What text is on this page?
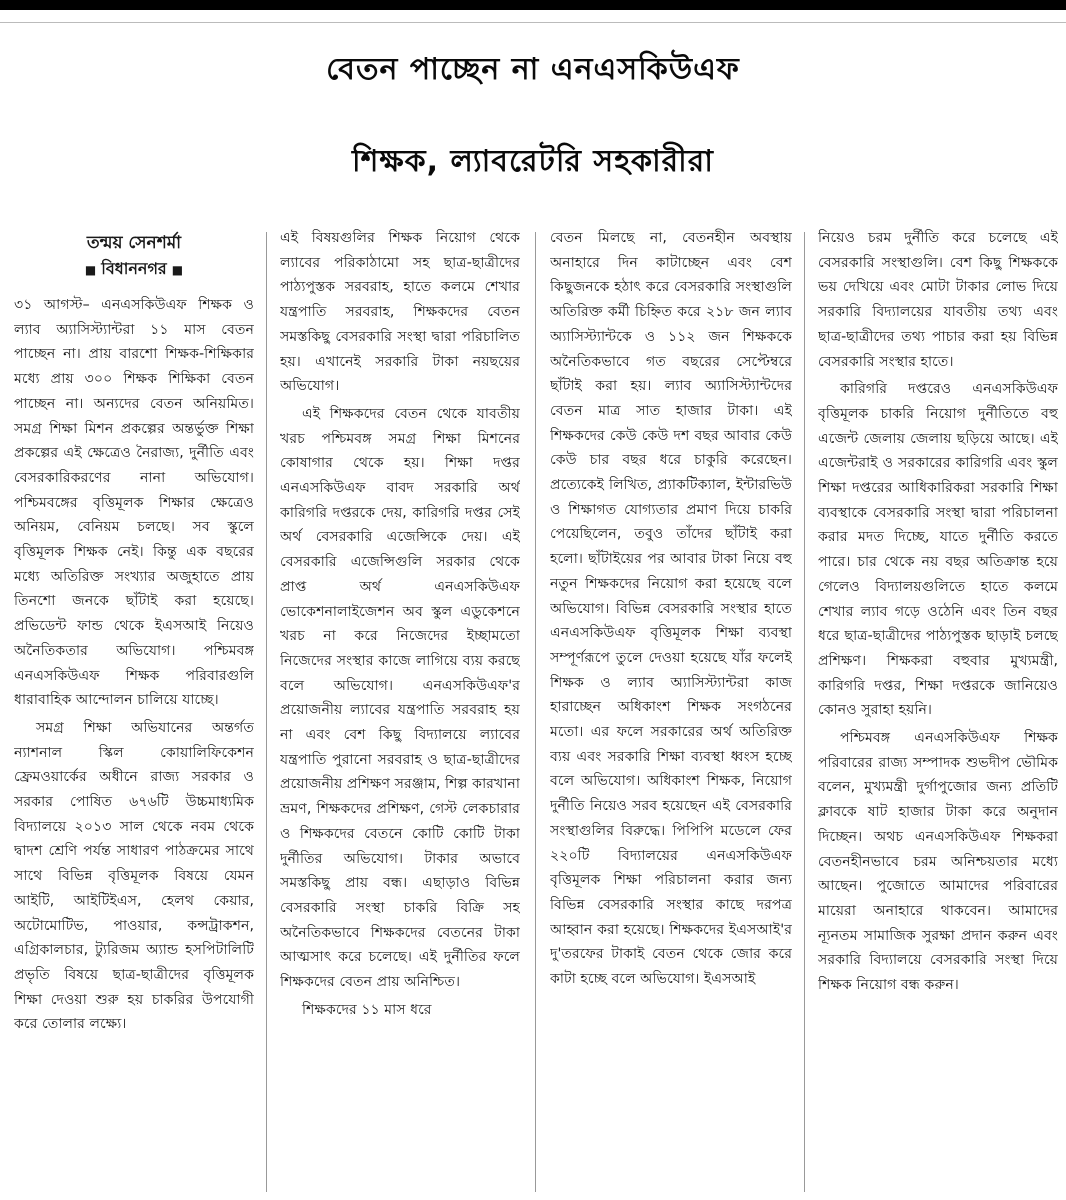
বেতন পাচ্ছেন না এনএসকিউএফ
শিক্ষক, ল্যাবরেটরি সহকারীরা
তন্ময় সেনশর্মা
■ বিধাননগর ■

৩১ আগস্ট– এনএসকিউএফ শিক্ষক ও ল্যাব অ্যাসিস্ট্যান্টরা ১১ মাস বেতন পাচ্ছেন না। প্রায় বারশো শিক্ষক-শিক্ষিকার মধ্যে প্রায় ৩০০ শিক্ষক শিক্ষিকা বেতন পাচ্ছেন না। অন্যদের বেতন অনিয়মিত। সমগ্র শিক্ষা মিশন প্রকল্পের অন্তর্ভুক্ত শিক্ষা প্রকল্পের এই ক্ষেত্রেও নৈরাজ্য, দুর্নীতি এবং বেসরকারিকরণের নানা অভিযোগ। পশ্চিমবঙ্গের বৃত্তিমূলক শিক্ষার ক্ষেত্রেও অনিয়ম, বেনিয়ম চলছে। সব স্কুলে বৃত্তিমূলক শিক্ষক নেই। কিন্তু এক বছরের মধ্যে অতিরিক্ত সংখ্যার অজুহাতে প্রায় তিনশো জনকে ছাঁটাই করা হয়েছে। প্রভিডেন্ট ফান্ড থেকে ইএসআই নিয়েও অনৈতিকতার অভিযোগ। পশ্চিমবঙ্গ এনএসকিউএফ শিক্ষক পরিবারগুলি ধারাবাহিক আন্দোলন চালিয়ে যাচ্ছে।

সমগ্র শিক্ষা অভিযানের অন্তর্গত ন্যাশনাল স্কিল কোয়ালিফিকেশন ফ্রেমওয়ার্কের অধীনে রাজ্য সরকার ও সরকার পোষিত ৬৭৬টি উচ্চমাধ্যমিক বিদ্যালয়ে ২০১৩ সাল থেকে নবম থেকে দ্বাদশ শ্রেণি পর্যন্ত সাধারণ পাঠক্রমের সাথে সাথে বিভিন্ন বৃত্তিমূলক বিষয়ে যেমন আইটি, আইটিইএস, হেলথ কেয়ার, অটোমোটিভ, পাওয়ার, কন্সট্রাকশন, এগ্রিকালচার, ট্যুরিজম অ্যান্ড হসপিটালিটি প্রভৃতি বিষয়ে ছাত্র-ছাত্রীদের বৃত্তিমূলক শিক্ষা দেওয়া শুরু হয় চাকরির উপযোগী করে তোলার লক্ষ্যে।

এই বিষয়গুলির শিক্ষক নিয়োগ থেকে ল্যাবের পরিকাঠামো সহ ছাত্র-ছাত্রীদের পাঠ্যপুস্তক সরবরাহ, হাতে কলমে শেখার যন্ত্রপাতি সরবরাহ, শিক্ষকদের বেতন সমস্তকিছু বেসরকারি সংস্থা দ্বারা পরিচালিত হয়। এখানেই সরকারি টাকা নয়ছয়ের অভিযোগ।

এই শিক্ষকদের বেতন থেকে যাবতীয় খরচ পশ্চিমবঙ্গ সমগ্র শিক্ষা মিশনের কোষাগার থেকে হয়। শিক্ষা দপ্তর এনএসকিউএফ বাবদ সরকারি অর্থ কারিগরি দপ্তরকে দেয়, কারিগরি দপ্তর সেই অর্থ বেসরকারি এজেন্সিকে দেয়। এই বেসরকারি এজেন্সিগুলি সরকার থেকে প্রাপ্ত অর্থ এনএসকিউএফ ভোকেশনালাইজেশন অব স্কুল এডুকেশনে খরচ না করে নিজেদের ইচ্ছামতো নিজেদের সংস্থার কাজে লাগিয়ে ব্যয় করছে বলে অভিযোগ। এনএসকিউএফ'র প্রয়োজনীয় ল্যাবের যন্ত্রপাতি সরবরাহ হয় না এবং বেশ কিছু বিদ্যালয়ে ল্যাবের যন্ত্রপাতি পুরানো সরবরাহ ও ছাত্র-ছাত্রীদের প্রয়োজনীয় প্রশিক্ষণ সরঞ্জাম, শিল্প কারখানা ভ্রমণ, শিক্ষকদের প্রশিক্ষণ, গেস্ট লেকচারার ও শিক্ষকদের বেতনে কোটি কোটি টাকা দুর্নীতির অভিযোগ। টাকার অভাবে সমস্তকিছু প্রায় বন্ধ। এছাড়াও বিভিন্ন বেসরকারি সংস্থা চাকরি বিক্রি সহ অনৈতিকভাবে শিক্ষকদের বেতনের টাকা আত্মসাৎ করে চলেছে। এই দুর্নীতির ফলে শিক্ষকদের বেতন প্রায় অনিশ্চিত।

শিক্ষকদের ১১ মাস ধরে

বেতন মিলছে না, বেতনহীন অবস্থায় অনাহারে দিন কাটাচ্ছেন এবং বেশ কিছুজনকে হঠাৎ করে বেসরকারি সংস্থাগুলি অতিরিক্ত কর্মী চিহ্নিত করে ২১৮ জন ল্যাব অ্যাসিস্ট্যান্টকে ও ১১২ জন শিক্ষককে অনৈতিকভাবে গত বছরের সেপ্টেম্বরে ছাঁটাই করা হয়। ল্যাব অ্যাসিস্ট্যান্টদের বেতন মাত্র সাত হাজার টাকা। এই শিক্ষকদের কেউ কেউ দশ বছর আবার কেউ কেউ চার বছর ধরে চাকুরি করেছেন। প্রত্যেকেই লিখিত, প্র্যাকটিক্যাল, ইন্টারভিউ ও শিক্ষাগত যোগ্যতার প্রমাণ দিয়ে চাকরি পেয়েছিলেন, তবুও তাঁদের ছাঁটাই করা হলো। ছাঁটাইয়ের পর আবার টাকা নিয়ে বহু নতুন শিক্ষকদের নিয়োগ করা হয়েছে বলে অভিযোগ। বিভিন্ন বেসরকারি সংস্থার হাতে এনএসকিউএফ বৃত্তিমূলক শিক্ষা ব্যবস্থা সম্পূর্ণরূপে তুলে দেওয়া হয়েছে যাঁর ফলেই শিক্ষক ও ল্যাব অ্যাসিস্ট্যান্টরা কাজ হারাচ্ছেন অধিকাংশ শিক্ষক সংগঠনের মতো। এর ফলে সরকারের অর্থ অতিরিক্ত ব্যয় এবং সরকারি শিক্ষা ব্যবস্থা ধ্বংস হচ্ছে বলে অভিযোগ। অধিকাংশ শিক্ষক, নিয়োগ দুর্নীতি নিয়েও সরব হয়েছেন এই বেসরকারি সংস্থাগুলির বিরুদ্ধে। পিপিপি মডেলে ফের ২২০টি বিদ্যালয়ের এনএসকিউএফ বৃত্তিমূলক শিক্ষা পরিচালনা করার জন্য বিভিন্ন বেসরকারি সংস্থার কাছে দরপত্র আহ্বান করা হয়েছে। শিক্ষকদের ইএসআই'র দু'তরফের টাকাই বেতন থেকে জোর করে কাটা হচ্ছে বলে অভিযোগ। ইএসআই

নিয়েও চরম দুর্নীতি করে চলেছে এই বেসরকারি সংস্থাগুলি। বেশ কিছু শিক্ষককে ভয় দেখিয়ে এবং মোটা টাকার লোভ দিয়ে সরকারি বিদ্যালয়ের যাবতীয় তথ্য এবং ছাত্র-ছাত্রীদের তথ্য পাচার করা হয় বিভিন্ন বেসরকারি সংস্থার হাতে।

কারিগরি দপ্তরেও এনএসকিউএফ বৃত্তিমূলক চাকরি নিয়োগ দুর্নীতিতে বহু এজেন্ট জেলায় জেলায় ছড়িয়ে আছে। এই এজেন্টরাই ও সরকারের কারিগরি এবং স্কুল শিক্ষা দপ্তরের আধিকারিকরা সরকারি শিক্ষা ব্যবস্থাকে বেসরকারি সংস্থা দ্বারা পরিচালনা করার মদত দিচ্ছে, যাতে দুর্নীতি করতে পারে। চার থেকে নয় বছর অতিক্রান্ত হয়ে গেলেও বিদ্যালয়গুলিতে হাতে কলমে শেখার ল্যাব গড়ে ওঠেনি এবং তিন বছর ধরে ছাত্র-ছাত্রীদের পাঠ্যপুস্তক ছাড়াই চলছে প্রশিক্ষণ। শিক্ষকরা বহুবার মুখ্যমন্ত্রী, কারিগরি দপ্তর, শিক্ষা দপ্তরকে জানিয়েও কোনও সুরাহা হয়নি।

পশ্চিমবঙ্গ এনএসকিউএফ শিক্ষক পরিবারের রাজ্য সম্পাদক শুভদীপ ভৌমিক বলেন, মুখ্যমন্ত্রী দুর্গাপুজোর জন্য প্রতিটি ক্লাবকে ষাট হাজার টাকা করে অনুদান দিচ্ছেন। অথচ এনএসকিউএফ শিক্ষকরা বেতনহীনভাবে চরম অনিশ্চয়তার মধ্যে আছেন। পুজোতে আমাদের পরিবারের মায়েরা অনাহারে থাকবেন। আমাদের ন্যূনতম সামাজিক সুরক্ষা প্রদান করুন এবং সরকারি বিদ্যালয়ে বেসরকারি সংস্থা দিয়ে শিক্ষক নিয়োগ বন্ধ করুন।
